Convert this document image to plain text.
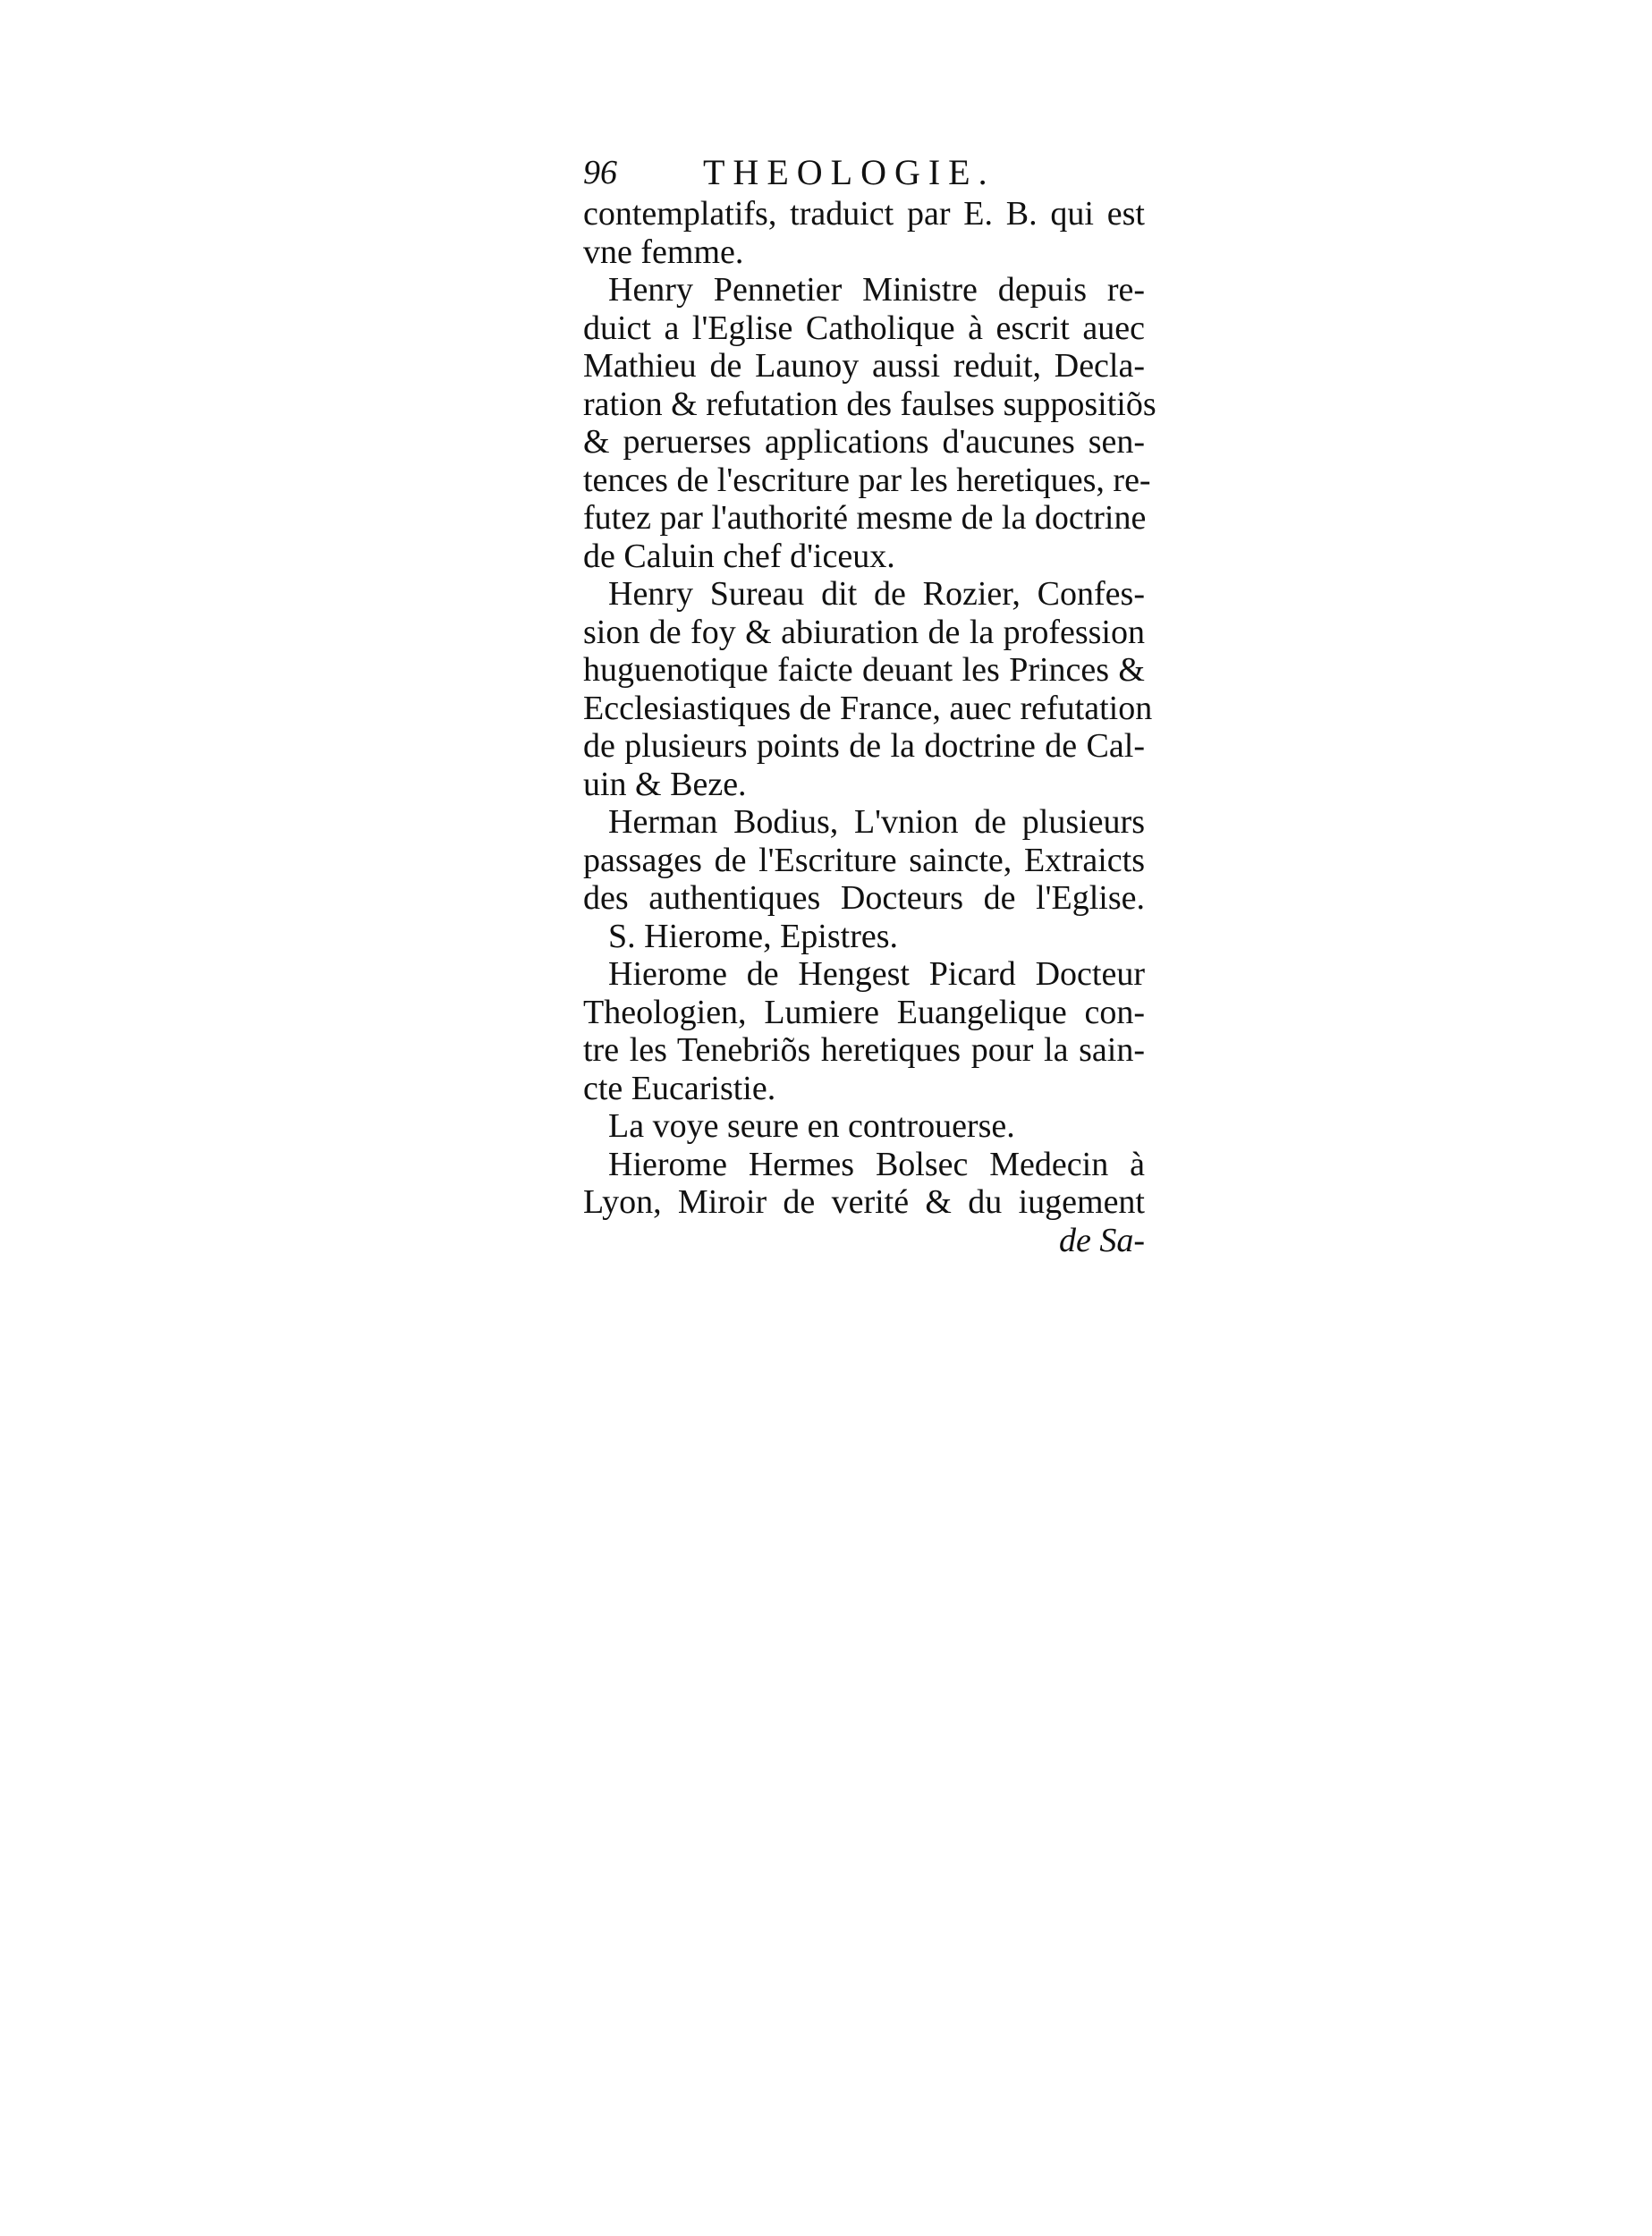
96 THEOLOGIE.
contemplatifs, traduict par E. B. qui est
vne femme.
Henry Pennetier Ministre depuis re-
duict a l'Eglise Catholique à escrit auec
Mathieu de Launoy aussi reduit, Decla-
ration & refutation des faulses suppositiõs
& peruerses applications d'aucunes sen-
tences de l'escriture par les heretiques, re-
futez par l'authorité mesme de la doctrine
de Caluin chef d'iceux.
Henry Sureau dit de Rozier, Confes-
sion de foy & abiuration de la profession
huguenotique faicte deuant les Princes &
Ecclesiastiques de France, auec refutation
de plusieurs points de la doctrine de Cal-
uin & Beze.
Herman Bodius, L'vnion de plusieurs
passages de l'Escriture saincte, Extraicts
des authentiques Docteurs de l'Eglise.
S. Hierome, Epistres.
Hierome de Hengest Picard Docteur
Theologien, Lumiere Euangelique con-
tre les Tenebriõs heretiques pour la sain-
cte Eucaristie.
La voye seure en controuerse.
Hierome Hermes Bolsec Medecin à
Lyon, Miroir de verité & du iugement
de Sa-
